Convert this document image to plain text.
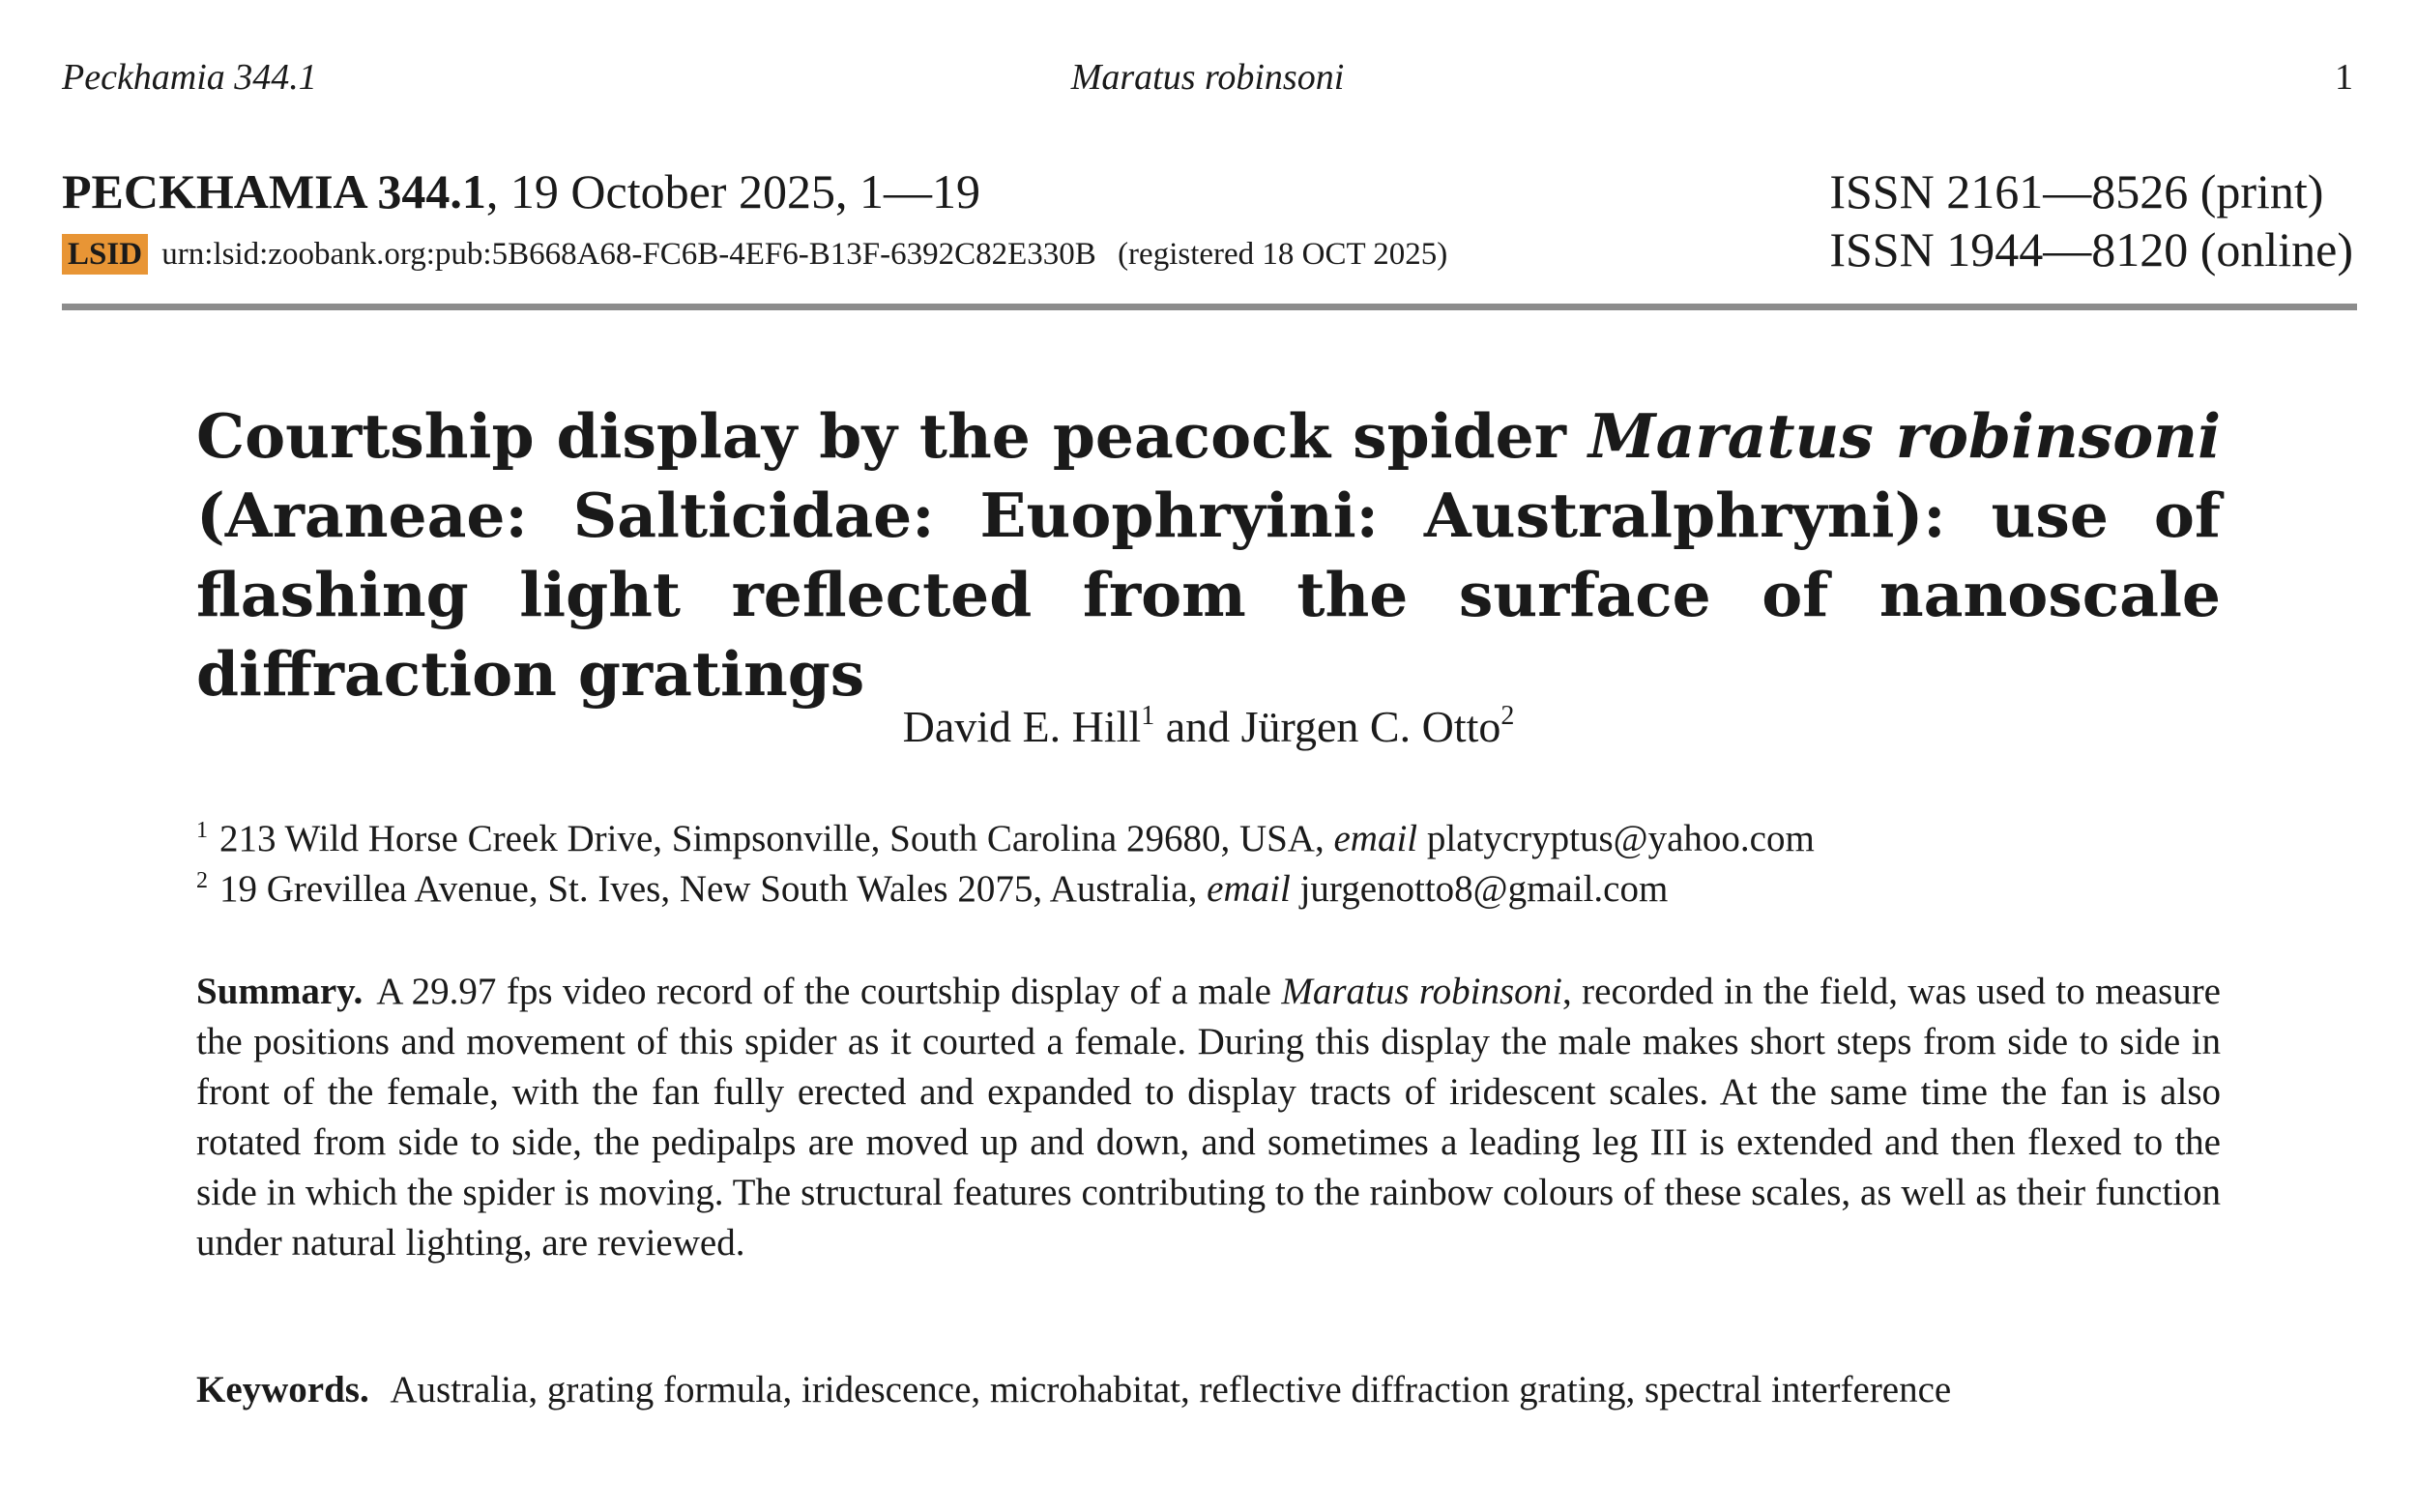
Maratus robinsoni
Peckhamia 344.1	1
PECKHAMIA 344.1, 19 October 2025, 1—19
LSID urn:lsid:zoobank.org:pub:5B668A68-FC6B-4EF6-B13F-6392C82E330B (registered 18 OCT 2025)
ISSN 2161—8526 (print)
ISSN 1944—8120 (online)
Courtship display by the peacock spider Maratus robinsoni (Araneae: Salticidae: Euophryini: Australphryni): use of flashing light reflected from the surface of nanoscale diffraction gratings
David E. Hill$^1$ and Jürgen C. Otto$^2$
$^1$ 213 Wild Horse Creek Drive, Simpsonville, South Carolina 29680, USA, email platycryptus@yahoo.com
$^2$ 19 Grevillea Avenue, St. Ives, New South Wales 2075, Australia, email jurgenotto8@gmail.com

Summary. A 29.97 fps video record of the courtship display of a male Maratus robinsoni, recorded in the field, was used to measure the positions and movement of this spider as it courted a female. During this display the male makes short steps from side to side in front of the female, with the fan fully erected and expanded to display tracts of iridescent scales. At the same time the fan is also rotated from side to side, the pedipalps are moved up and down, and sometimes a leading leg III is extended and then flexed to the side in which the spider is moving. The structural features contributing to the rainbow colours of these scales, as well as their function under natural lighting, are reviewed.

Keywords. Australia, grating formula, iridescence, microhabitat, reflective diffraction grating, spectral interference
